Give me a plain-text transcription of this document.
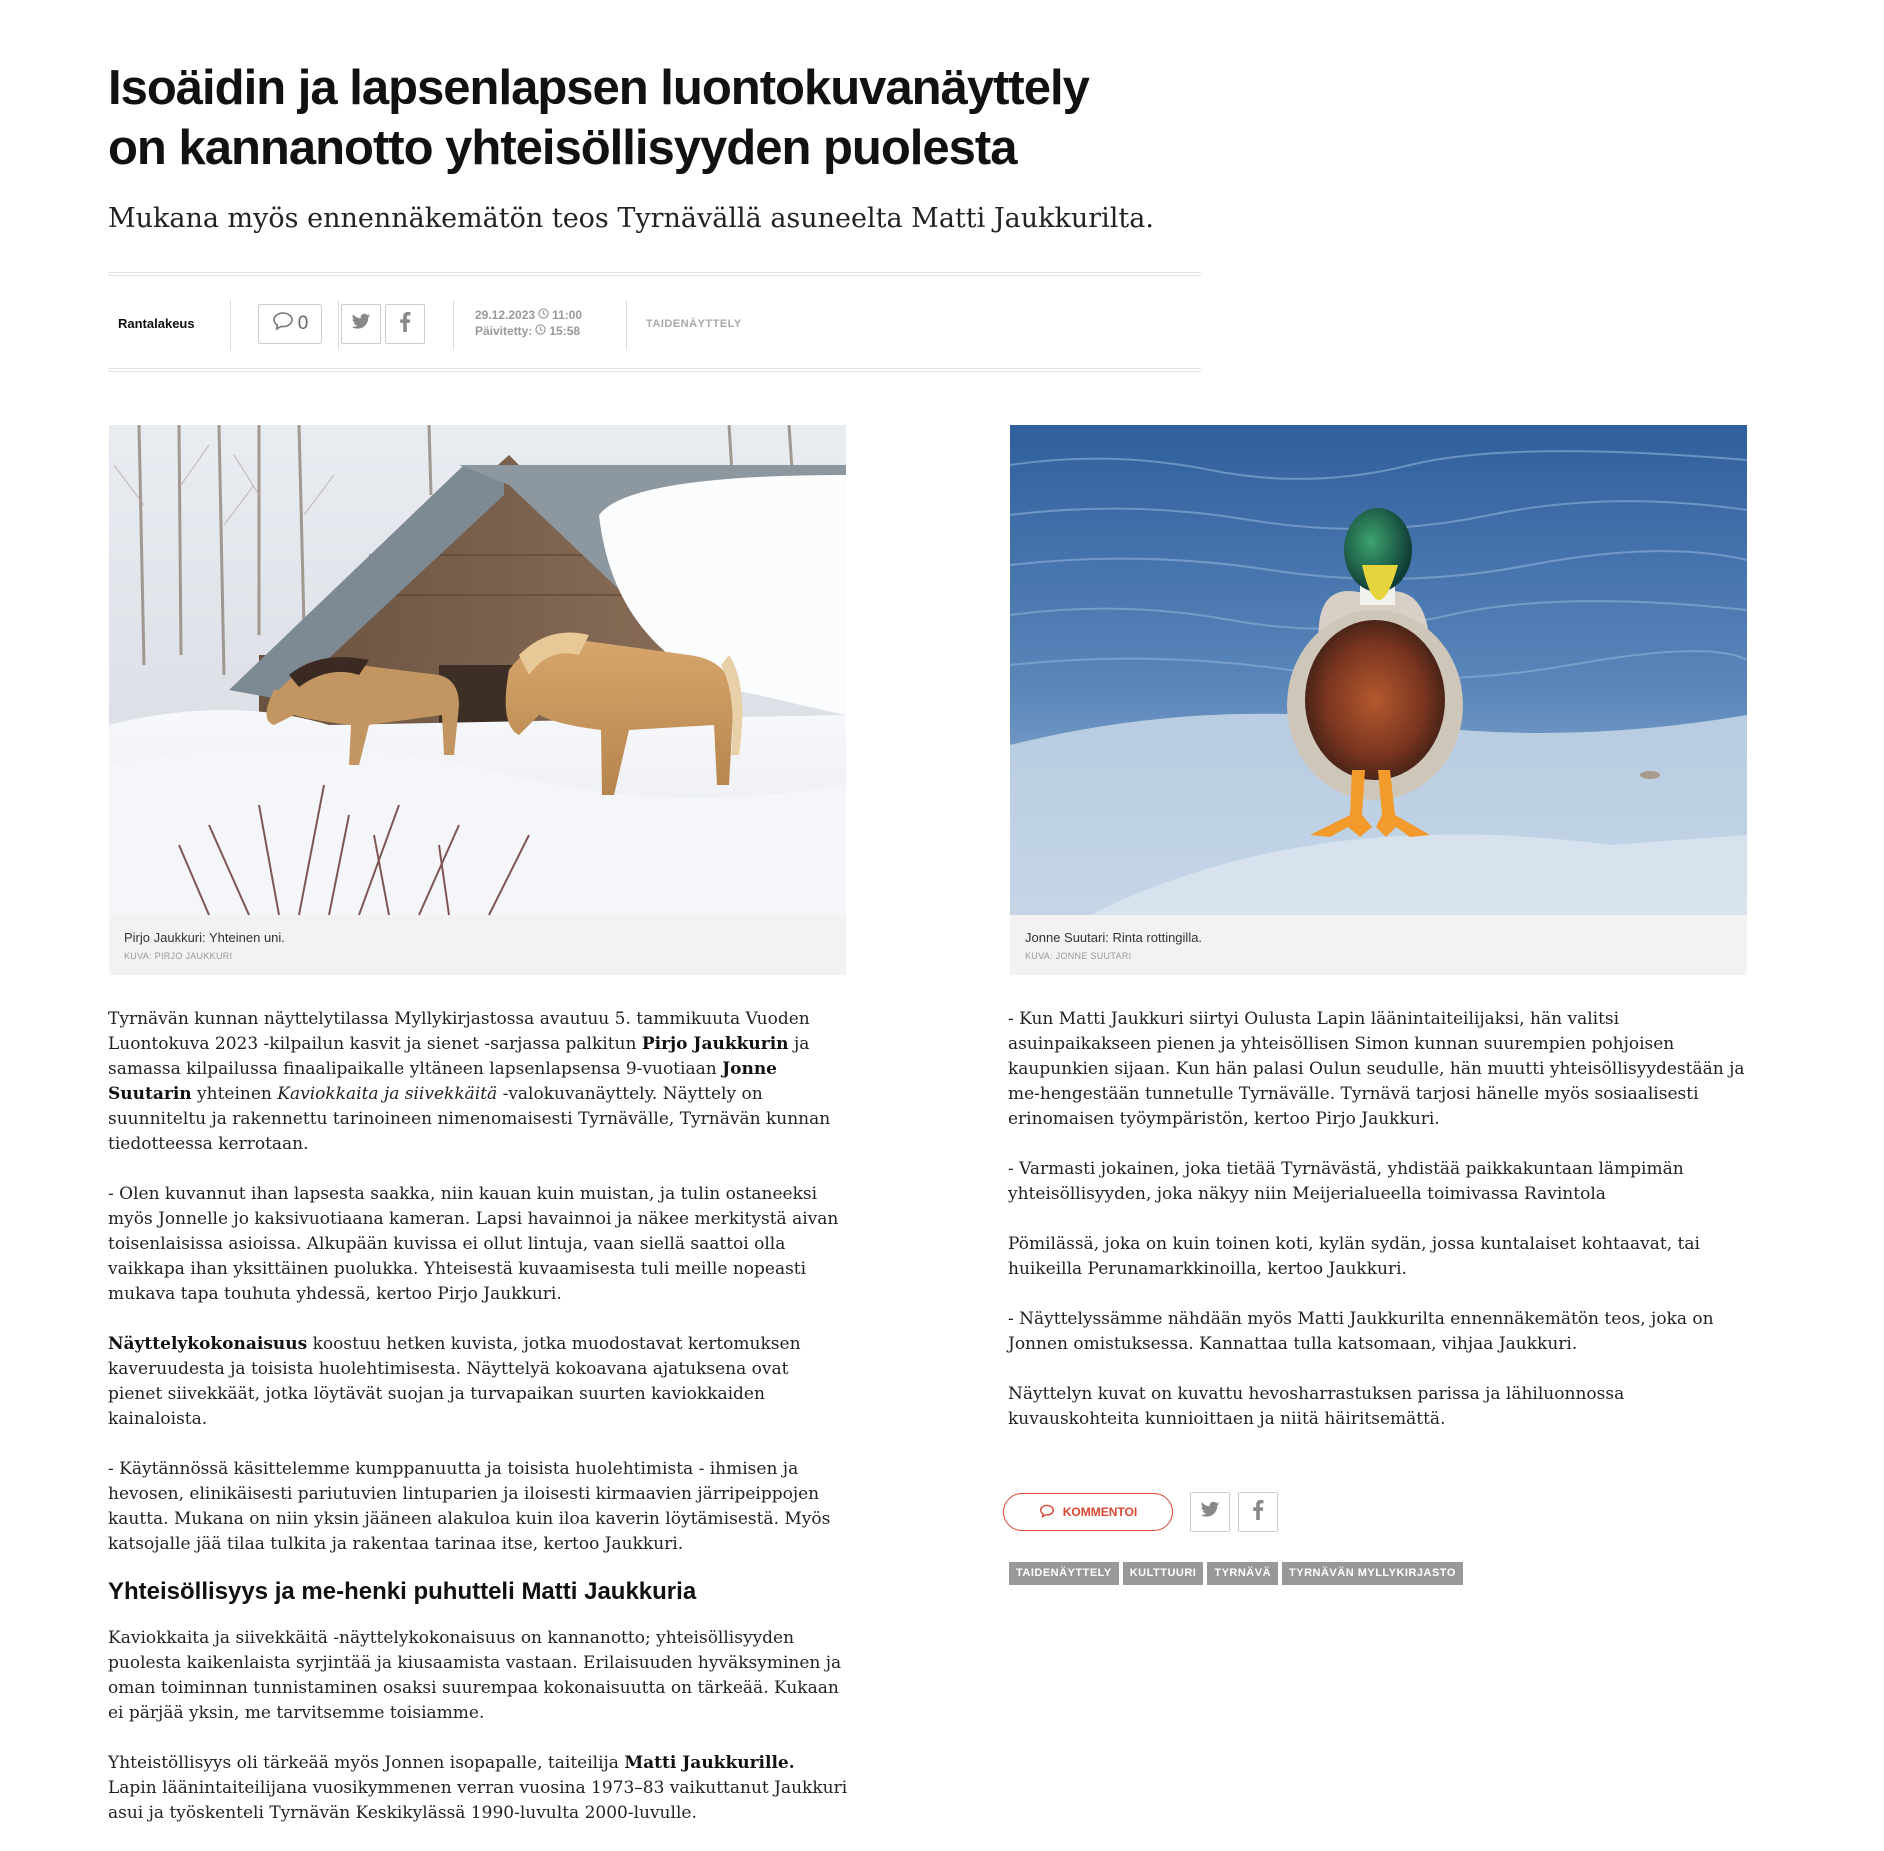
Isoäidin ja lapsenlapsen luontokuvanäyttely
on kannanotto yhteisöllisyyden puolesta
Mukana myös ennennäkemätön teos Tyrnävällä asuneelta Matti Jaukkurilta.
Rantalakeus	0	29.12.2023 11:00
Päivitetty: 15:58	TAIDENÄYTTELY
Pirjo Jaukkuri: Yhteinen uni.
KUVA: PIRJO JAUKKURI
Jonne Suutari: Rinta rottingilla.
KUVA: JONNE SUUTARI

Tyrnävän kunnan näyttelytilassa Myllykirjastossa avautuu 5. tammikuuta Vuoden Luontokuva 2023 -kilpailun kasvit ja sienet -sarjassa palkitun Pirjo Jaukkurin ja samassa kilpailussa finaalipaikalle yltäneen lapsenlapsensa 9-vuotiaan Jonne Suutarin yhteinen Kaviokkaita ja siivekkäitä -valokuvanäyttely. Näyttely on suunniteltu ja rakennettu tarinoineen nimenomaisesti Tyrnävälle, Tyrnävän kunnan tiedotteessa kerrotaan.

- Olen kuvannut ihan lapsesta saakka, niin kauan kuin muistan, ja tulin ostaneeksi myös Jonnelle jo kaksivuotiaana kameran. Lapsi havainnoi ja näkee merkitystä aivan toisenlaisissa asioissa. Alkupään kuvissa ei ollut lintuja, vaan siellä saattoi olla vaikkapa ihan yksittäinen puolukka. Yhteisestä kuvaamisesta tuli meille nopeasti mukava tapa touhuta yhdessä, kertoo Pirjo Jaukkuri.

Näyttelykokonaisuus koostuu hetken kuvista, jotka muodostavat kertomuksen kaveruudesta ja toisista huolehtimisesta. Näyttelyä kokoavana ajatuksena ovat pienet siivekkäät, jotka löytävät suojan ja turvapaikan suurten kaviokkaiden kainaloista.

- Käytännössä käsittelemme kumppanuutta ja toisista huolehtimista - ihmisen ja hevosen, elinikäisesti pariutuvien lintuparien ja iloisesti kirmaavien järripeippojen kautta. Mukana on niin yksin jääneen alakuloa kuin iloa kaverin löytämisestä. Myös katsojalle jää tilaa tulkita ja rakentaa tarinaa itse, kertoo Jaukkuri.

Yhteisöllisyys ja me-henki puhutteli Matti Jaukkuria

Kaviokkaita ja siivekkäitä -näyttelykokonaisuus on kannanotto; yhteisöllisyyden puolesta kaikenlaista syrjintää ja kiusaamista vastaan. Erilaisuuden hyväksyminen ja oman toiminnan tunnistaminen osaksi suurempaa kokonaisuutta on tärkeää. Kukaan ei pärjää yksin, me tarvitsemme toisiamme.

Yhteistöllisyys oli tärkeää myös Jonnen isopapalle, taiteilija Matti Jaukkurille. Lapin läänintaiteilijana vuosikymmenen verran vuosina 1973–83 vaikuttanut Jaukkuri asui ja työskenteli Tyrnävän Keskikylässä 1990-luvulta 2000-luvulle.

- Kun Matti Jaukkuri siirtyi Oulusta Lapin läänintaiteilijaksi, hän valitsi asuinpaikakseen pienen ja yhteisöllisen Simon kunnan suurempien pohjoisen kaupunkien sijaan. Kun hän palasi Oulun seudulle, hän muutti yhteisöllisyydestään ja me-hengestään tunnetulle Tyrnävälle. Tyrnävä tarjosi hänelle myös sosiaalisesti erinomaisen työympäristön, kertoo Pirjo Jaukkuri.

- Varmasti jokainen, joka tietää Tyrnävästä, yhdistää paikkakuntaan lämpimän yhteisöllisyyden, joka näkyy niin Meijerialueella toimivassa Ravintola

Pömilässä, joka on kuin toinen koti, kylän sydän, jossa kuntalaiset kohtaavat, tai huikeilla Perunamarkkinoilla, kertoo Jaukkuri.

- Näyttelyssämme nähdään myös Matti Jaukkurilta ennennäkemätön teos, joka on Jonnen omistuksessa. Kannattaa tulla katsomaan, vihjaa Jaukkuri.

Näyttelyn kuvat on kuvattu hevosharrastuksen parissa ja lähiluonnossa kuvauskohteita kunnioittaen ja niitä häiritsemättä.

KOMMENTOI
TAIDENÄYTTELY	KULTTUURI	TYRNÄVÄ	TYRNÄVÄN MYLLYKIRJASTO
